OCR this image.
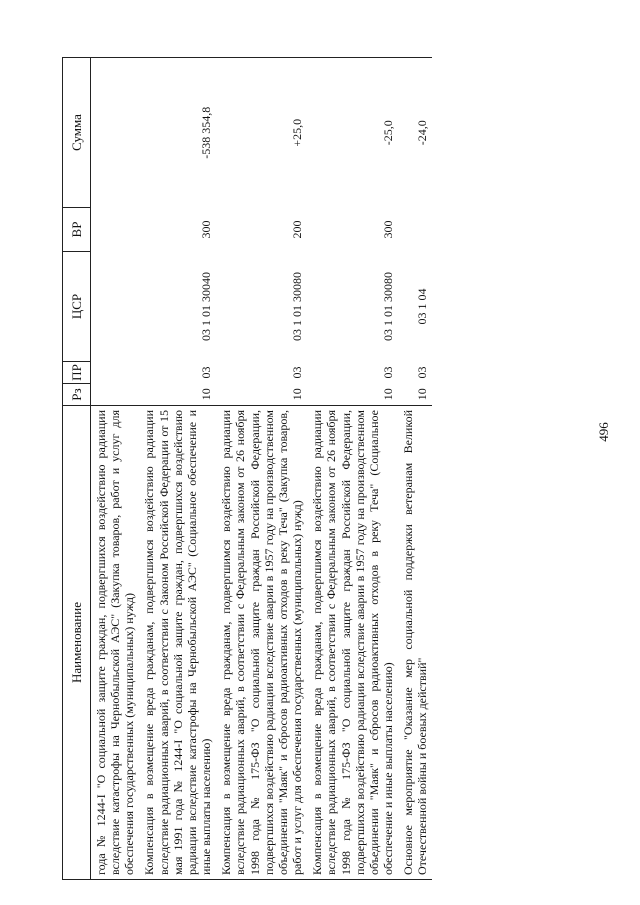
496
Наименование	Рз	ПР	ЦСР	ВР	Сумма
года № 1244-I "О социальной защите граждан, подвергшихся воздействию радиации вследствие катастрофы на Чернобыльской АЭС" (Закупка товаров, работ и услуг для обеспечения государственных (муниципальных) нужд)					
Компенсация в возмещение вреда гражданам, подвергшимся воздействию радиации вследствие радиационных аварий, в соответствии с Законом Российской Федерации от 15 мая 1991 года № 1244-I "О социальной защите граждан, подвергшихся воздействию радиации вследствие катастрофы на Чернобыльской АЭС" (Социальное обеспечение и иные выплаты населению)	10	03	03 1 01 30040	300	-538 354,8
Компенсация в возмещение вреда гражданам, подвергшимся воздействию радиации вследствие радиационных аварий, в соответствии с Федеральным законом от 26 ноября 1998 года № 175-ФЗ "О социальной защите граждан Российской Федерации, подвергшихся воздействию радиации вследствие аварии в 1957 году на производственном объединении "Маяк" и сбросов радиоактивных отходов в реку Теча" (Закупка товаров, работ и услуг для обеспечения государственных (муниципальных) нужд)	10	03	03 1 01 30080	200	+25,0
Компенсация в возмещение вреда гражданам, подвергшимся воздействию радиации вследствие радиационных аварий, в соответствии с Федеральным законом от 26 ноября 1998 года № 175-ФЗ "О социальной защите граждан Российской Федерации, подвергшихся воздействию радиации вследствие аварии в 1957 году на производственном объединении "Маяк" и сбросов радиоактивных отходов в реку Теча" (Социальное обеспечение и иные выплаты населению)	10	03	03 1 01 30080	300	-25,0
Основное мероприятие "Оказание мер социальной поддержки ветеранам Великой Отечественной войны и боевых действий"	10	03	03 1 04		-24,0
